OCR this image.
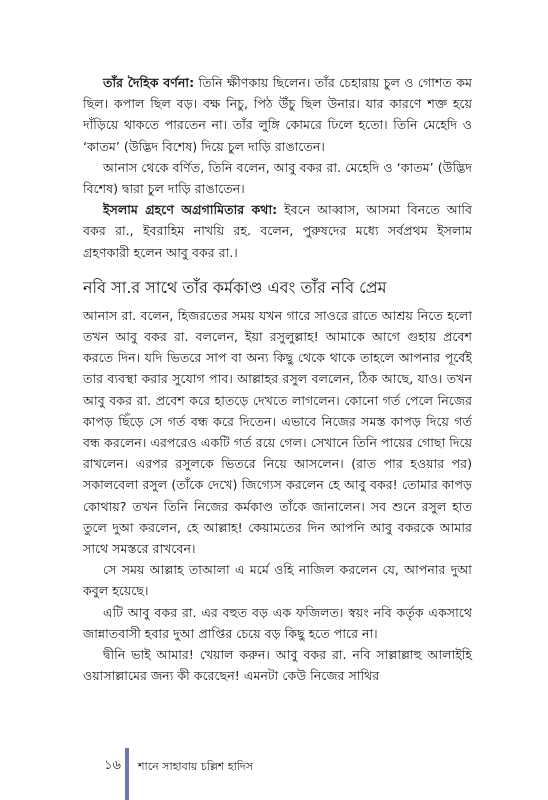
তাঁর দৈহিক বর্ণনা: তিনি ক্ষীণকায় ছিলেন। তাঁর চেহারায় চুল ও গোশত কম ছিল। কপাল ছিল বড়। বক্ষ নিচু, পিঠ উঁচু ছিল উনার। যার কারণে শক্ত হয়ে দাঁড়িয়ে থাকতে পারতেন না। তাঁর লুঙ্গি কোমরে ঢিলে হতো। তিনি মেহেদি ও ‘কাতম’ (উদ্ভিদ বিশেষ) দিয়ে চুল দাড়ি রাঙাতেন।

আনাস থেকে বর্ণিত, তিনি বলেন, আবু বকর রা. মেহেদি ও ‘কাতম’ (উদ্ভিদ বিশেষ) দ্বারা চুল দাড়ি রাঙাতেন।

ইসলাম গ্রহণে অগ্রগামিতার কথা: ইবনে আব্বাস, আসমা বিনতে আবি বকর রা., ইবরাহিম নাখয়ি রহ. বলেন, পুরুষদের মধ্যে সর্বপ্রথম ইসলাম গ্রহণকারী হলেন আবু বকর রা.।

নবি সা.র সাথে তাঁর কর্মকাণ্ড এবং তাঁর নবি প্রেম

আনাস রা. বলেন, হিজরতের সময় যখন গারে সাওরে রাতে আশ্রয় নিতে হলো তখন আবু বকর রা. বললেন, ইয়া রসুলুল্লাহ! আমাকে আগে গুহায় প্রবেশ করতে দিন। যদি ভিতরে সাপ বা অন্য কিছু থেকে থাকে তাহলে আপনার পূর্বেই তার ব্যবস্থা করার সুযোগ পাব। আল্লাহর রসুল বললেন, ঠিক আছে, যাও। তখন আবু বকর রা. প্রবেশ করে হাতড়ে দেখতে লাগলেন। কোনো গর্ত পেলে নিজের কাপড় ছিঁড়ে সে গর্ত বন্ধ করে দিতেন। এভাবে নিজের সমস্ত কাপড় দিয়ে গর্ত বন্ধ করলেন। এরপরেও একটি গর্ত রয়ে গেল। সেখানে তিনি পায়ের গোছা দিয়ে রাখলেন। এরপর রসুলকে ভিতরে নিয়ে আসলেন। (রাত পার হওয়ার পর) সকালবেলা রসুল (তাঁকে দেখে) জিগ্যেস করলেন হে আবু বকর! তোমার কাপড় কোথায়? তখন তিনি নিজের কর্মকাণ্ড তাঁকে জানালেন। সব শুনে রসুল হাত তুলে দুআ করলেন, হে আল্লাহ! কেয়ামতের দিন আপনি আবু বকরকে আমার সাথে সমস্তরে রাখবেন।

সে সময় আল্লাহ তাআলা এ মর্মে ওহি নাজিল করলেন যে, আপনার দুআ কবুল হয়েছে।

এটি আবু বকর রা. এর বহুত বড় এক ফজিলত। স্বয়ং নবি কর্তৃক একসাথে জান্নাতবাসী হবার দুআ প্রাপ্তির চেয়ে বড় কিছু হতে পারে না।

দ্বীনি ভাই আমার! খেয়াল করুন। আবু বকর রা. নবি সাল্লাল্লাহু আলাইহি ওয়াসাল্লামের জন্য কী করেছেন! এমনটা কেউ নিজের সাথির

১৬ শানে সাহাবায় চল্লিশ হাদিস
